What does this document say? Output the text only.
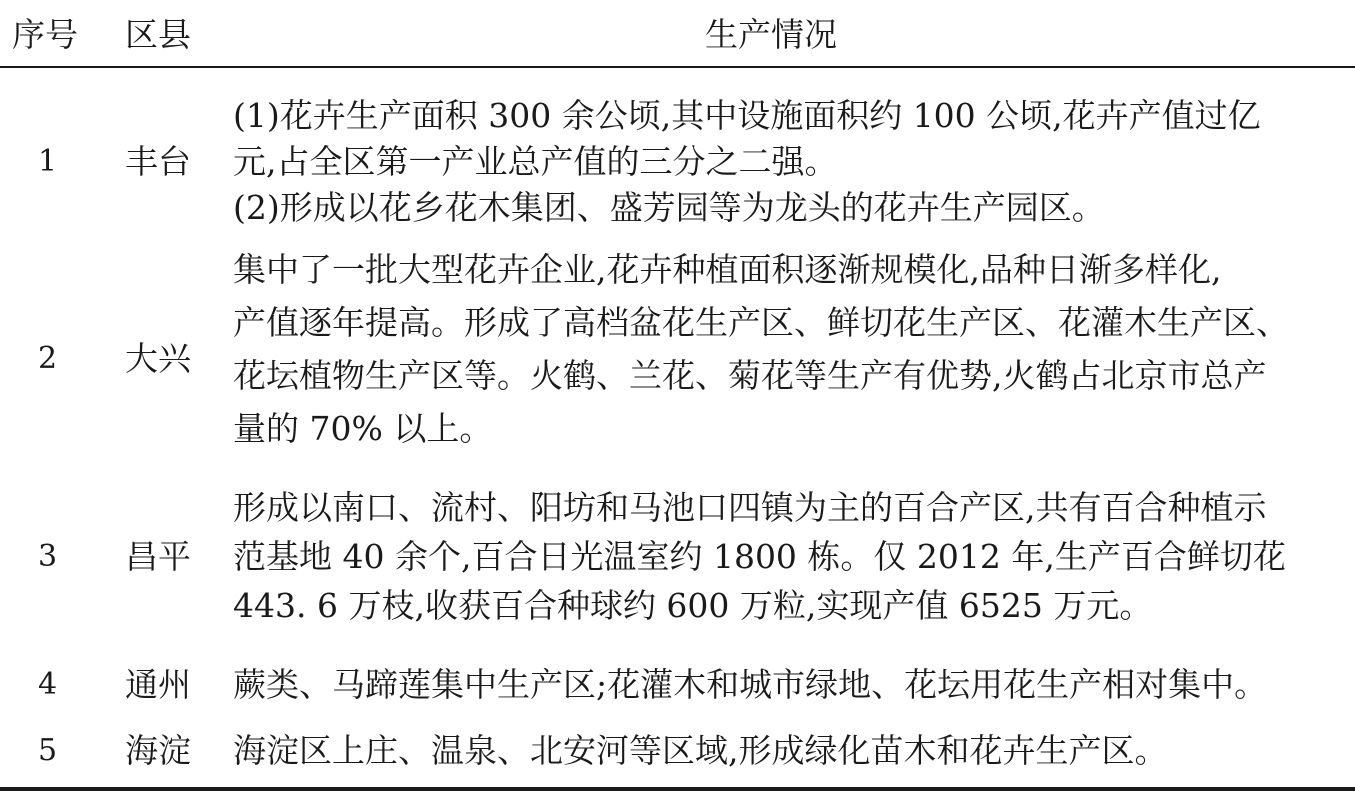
序号 区县	生产情况
1 丰台
(1)花卉生产面积 300 余公顷,其中设施面积约 100 公顷,花卉产值过亿
元,占全区第一产业总产值的三分之二强。
(2)形成以花乡花木集团、盛芳园等为龙头的花卉生产园区。
2 大兴
集中了一批大型花卉企业,花卉种植面积逐渐规模化,品种日渐多样化,
产值逐年提高。形成了高档盆花生产区、鲜切花生产区、花灌木生产区、
花坛植物生产区等。火鹤、兰花、菊花等生产有优势,火鹤占北京市总产
量的 70% 以上。
3 昌平
形成以南口、流村、阳坊和马池口四镇为主的百合产区,共有百合种植示
范基地 40 余个,百合日光温室约 1800 栋。仅 2012 年,生产百合鲜切花
443. 6 万枝,收获百合种球约 600 万粒,实现产值 6525 万元。
4 通州 蕨类、马蹄莲集中生产区;花灌木和城市绿地、花坛用花生产相对集中。
5 海淀 海淀区上庄、温泉、北安河等区域,形成绿化苗木和花卉生产区。
